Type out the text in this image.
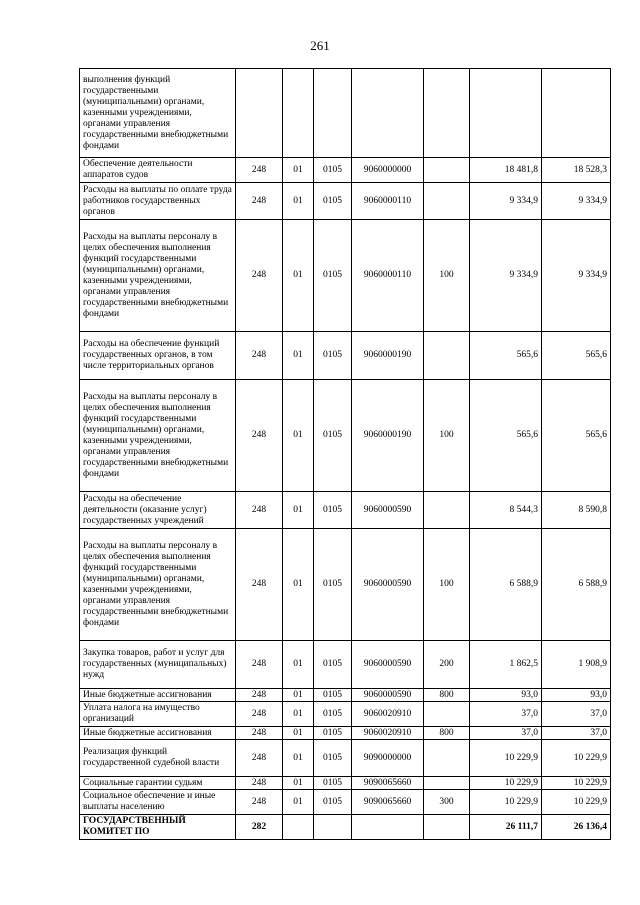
261
выполнения функций государственными (муниципальными) органами, казенными учреждениями, органами управления государственными внебюджетными фондами							
Обеспечение деятельности аппаратов судов	248	01	0105	9060000000		18 481,8	18 528,3
Расходы на выплаты по оплате труда работников государственных органов	248	01	0105	9060000110		9 334,9	9 334,9
Расходы на выплаты персоналу в целях обеспечения выполнения функций государственными (муниципальными) органами, казенными учреждениями, органами управления государственными внебюджетными фондами	248	01	0105	9060000110	100	9 334,9	9 334,9
Расходы на обеспечение функций государственных органов, в том числе территориальных органов	248	01	0105	9060000190		565,6	565,6
Расходы на выплаты персоналу в целях обеспечения выполнения функций государственными (муниципальными) органами, казенными учреждениями, органами управления государственными внебюджетными фондами	248	01	0105	9060000190	100	565,6	565,6
Расходы на обеспечение деятельности (оказание услуг) государственных учреждений	248	01	0105	9060000590		8 544,3	8 590,8
Расходы на выплаты персоналу в целях обеспечения выполнения функций государственными (муниципальными) органами, казенными учреждениями, органами управления государственными внебюджетными фондами	248	01	0105	9060000590	100	6 588,9	6 588,9
Закупка товаров, работ и услуг для государственных (муниципальных) нужд	248	01	0105	9060000590	200	1 862,5	1 908,9
Иные бюджетные ассигнования	248	01	0105	9060000590	800	93,0	93,0
Уплата налога на имущество организаций	248	01	0105	9060020910		37,0	37,0
Иные бюджетные ассигнования	248	01	0105	9060020910	800	37,0	37,0
Реализация функций государственной судебной власти	248	01	0105	9090000000		10 229,9	10 229,9
Социальные гарантии судьям	248	01	0105	9090065660		10 229,9	10 229,9
Социальное обеспечение и иные выплаты населению	248	01	0105	9090065660	300	10 229,9	10 229,9
ГОСУДАРСТВЕННЫЙ КОМИТЕТ ПО	282					26 111,7	26 136,4
